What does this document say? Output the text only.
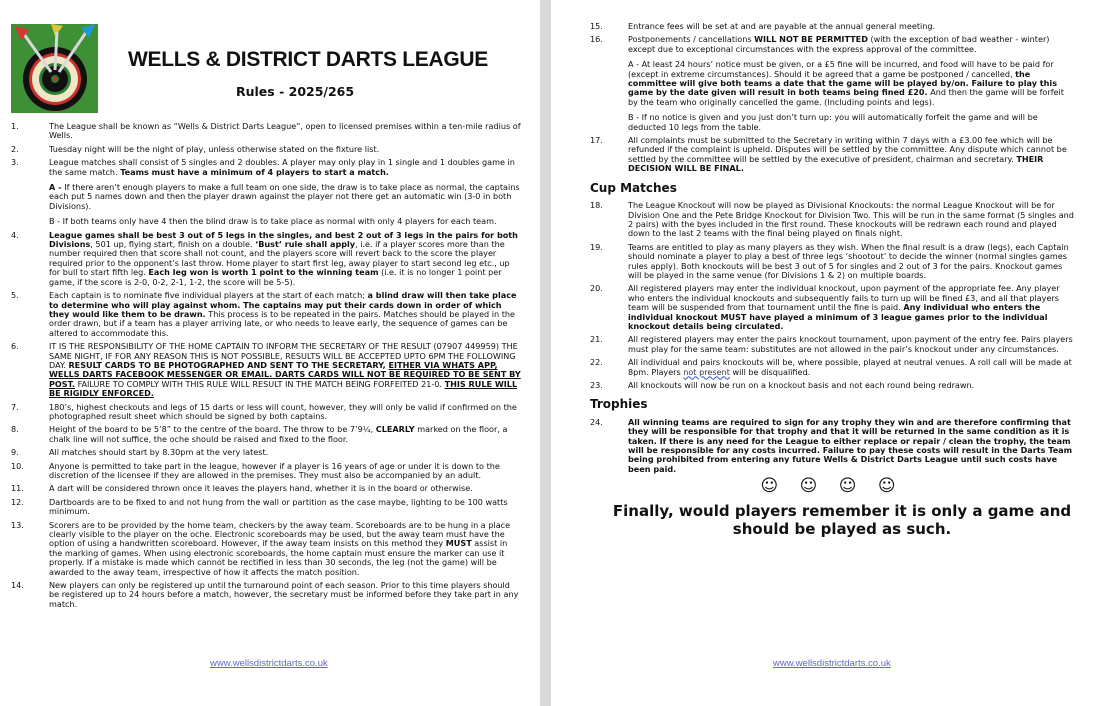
WELLS & DISTRICT DARTS LEAGUE
Rules - 2025/265
1.	The League shall be known as “Wells & District Darts League”, open to licensed premises within a ten-mile radius of Wells.

2.	Tuesday night will be the night of play, unless otherwise stated on the fixture list.

3.	League matches shall consist of 5 singles and 2 doubles. A player may only play in 1 single and 1 doubles game in the same match. Teams must have a minimum of 4 players to start a match.

A - If there aren’t enough players to make a full team on one side, the draw is to take place as normal, the captains each put 5 names down and then the player drawn against the player not there get an automatic win (3-0 in both Divisions).

B - If both teams only have 4 then the blind draw is to take place as normal with only 4 players for each team.

4.	League games shall be best 3 out of 5 legs in the singles, and best 2 out of 3 legs in the pairs for both Divisions, 501 up, flying start, finish on a double. ‘Bust’ rule shall apply, i.e. if a player scores more than the number required then that score shall not count, and the players score will revert back to the score the player required prior to the opponent’s last throw. Home player to start first leg, away player to start second leg etc., up for bull to start fifth leg. Each leg won is worth 1 point to the winning team (i.e. it is no longer 1 point per game, if the score is 2-0, 0-2, 2-1, 1-2, the score will be 5-5).

5.	Each captain is to nominate five individual players at the start of each match; a blind draw will then take place to determine who will play against whom. The captains may put their cards down in order of which they would like them to be drawn. This process is to be repeated in the pairs. Matches should be played in the order drawn, but if a team has a player arriving late, or who needs to leave early, the sequence of games can be altered to accommodate this.

6.	IT IS THE RESPONSIBILITY OF THE HOME CAPTAIN TO INFORM THE SECRETARY OF THE RESULT (07907 449959) THE SAME NIGHT, IF FOR ANY REASON THIS IS NOT POSSIBLE, RESULTS WILL BE ACCEPTED UPTO 6PM THE FOLLOWING DAY. RESULT CARDS TO BE PHOTOGRAPHED AND SENT TO THE SECRETARY, EITHER VIA WHATS APP, WELLS DARTS FACEBOOK MESSENGER OR EMAIL. DARTS CARDS WILL NOT BE REQUIRED TO BE SENT BY POST. FAILURE TO COMPLY WITH THIS RULE WILL RESULT IN THE MATCH BEING FORFEITED 21-0. THIS RULE WILL BE RIGIDLY ENFORCED.

7.	180’s, highest checkouts and legs of 15 darts or less will count, however, they will only be valid if confirmed on the photographed result sheet which should be signed by both captains.

8.	Height of the board to be 5’8” to the centre of the board. The throw to be 7’9¼, CLEARLY marked on the floor, a chalk line will not suffice, the oche should be raised and fixed to the floor.

9.	All matches should start by 8.30pm at the very latest.

10.	Anyone is permitted to take part in the league, however if a player is 16 years of age or under it is down to the discretion of the licensee if they are allowed in the premises. They must also be accompanied by an adult.

11.	A dart will be considered thrown once it leaves the players hand, whether it is in the board or otherwise.

12.	Dartboards are to be fixed to and not hung from the wall or partition as the case maybe, lighting to be 100 watts minimum.

13.	Scorers are to be provided by the home team, checkers by the away team. Scoreboards are to be hung in a place clearly visible to the player on the oche. Electronic scoreboards may be used, but the away team must have the option of using a handwritten scoreboard. However, if the away team insists on this method they MUST assist in the marking of games. When using electronic scoreboards, the home captain must ensure the marker can use it properly. If a mistake is made which cannot be rectified in less than 30 seconds, the leg (not the game) will be awarded to the away team, irrespective of how it affects the match position.

14.	New players can only be registered up until the turnaround point of each season. Prior to this time players should be registered up to 24 hours before a match, however, the secretary must be informed before they take part in any match.

www.wellsdistrictdarts.co.uk
15.	Entrance fees will be set at and are payable at the annual general meeting.

16.	Postponements / cancellations WILL NOT BE PERMITTED (with the exception of bad weather - winter) except due to exceptional circumstances with the express approval of the committee.

A - At least 24 hours’ notice must be given, or a £5 fine will be incurred, and food will have to be paid for (except in extreme circumstances). Should it be agreed that a game be postponed / cancelled, the committee will give both teams a date that the game will be played by/on. Failure to play this game by the date given will result in both teams being fined £20. And then the game will be forfeit by the team who originally cancelled the game. (Including points and legs).

B - If no notice is given and you just don’t turn up: you will automatically forfeit the game and will be deducted 10 legs from the table.

17.	All complaints must be submitted to the Secretary in writing within 7 days with a £3.00 fee which will be refunded if the complaint is upheld. Disputes will be settled by the committee. Any dispute which cannot be settled by the committee will be settled by the executive of president, chairman and secretary. THEIR DECISION WILL BE FINAL.

Cup Matches
18.	The League Knockout will now be played as Divisional Knockouts: the normal League Knockout will be for Division One and the Pete Bridge Knockout for Division Two. This will be run in the same format (5 singles and 2 pairs) with the byes included in the first round. These knockouts will be redrawn each round and played down to the last 2 teams with the final being played on finals night.

19.	Teams are entitled to play as many players as they wish. When the final result is a draw (legs), each Captain should nominate a player to play a best of three legs ‘shootout’ to decide the winner (normal singles games rules apply). Both knockouts will be best 3 out of 5 for singles and 2 out of 3 for the pairs. Knockout games will be played in the same venue (for Divisions 1 & 2) on multiple boards.

20.	All registered players may enter the individual knockout, upon payment of the appropriate fee. Any player who enters the individual knockouts and subsequently fails to turn up will be fined £3, and all that players team will be suspended from that tournament until the fine is paid. Any individual who enters the individual knockout MUST have played a minimum of 3 league games prior to the individual knockout details being circulated.

21.	All registered players may enter the pairs knockout tournament, upon payment of the entry fee. Pairs players must play for the same team: substitutes are not allowed in the pair’s knockout under any circumstances.

22.	All individual and pairs knockouts will be, where possible, played at neutral venues. A roll call will be made at 8pm. Players not present will be disqualified.

23.	All knockouts will now be run on a knockout basis and not each round being redrawn.

Trophies
24.	All winning teams are required to sign for any trophy they win and are therefore confirming that they will be responsible for that trophy and that it will be returned in the same condition as it is taken. If there is any need for the League to either replace or repair / clean the trophy, the team will be responsible for any costs incurred. Failure to pay these costs will result in the Darts Team being prohibited from entering any future Wells & District Darts League until such costs have been paid.

☺ ☺ ☺ ☺
Finally, would players remember it is only a game and should be played as such.
www.wellsdistrictdarts.co.uk
